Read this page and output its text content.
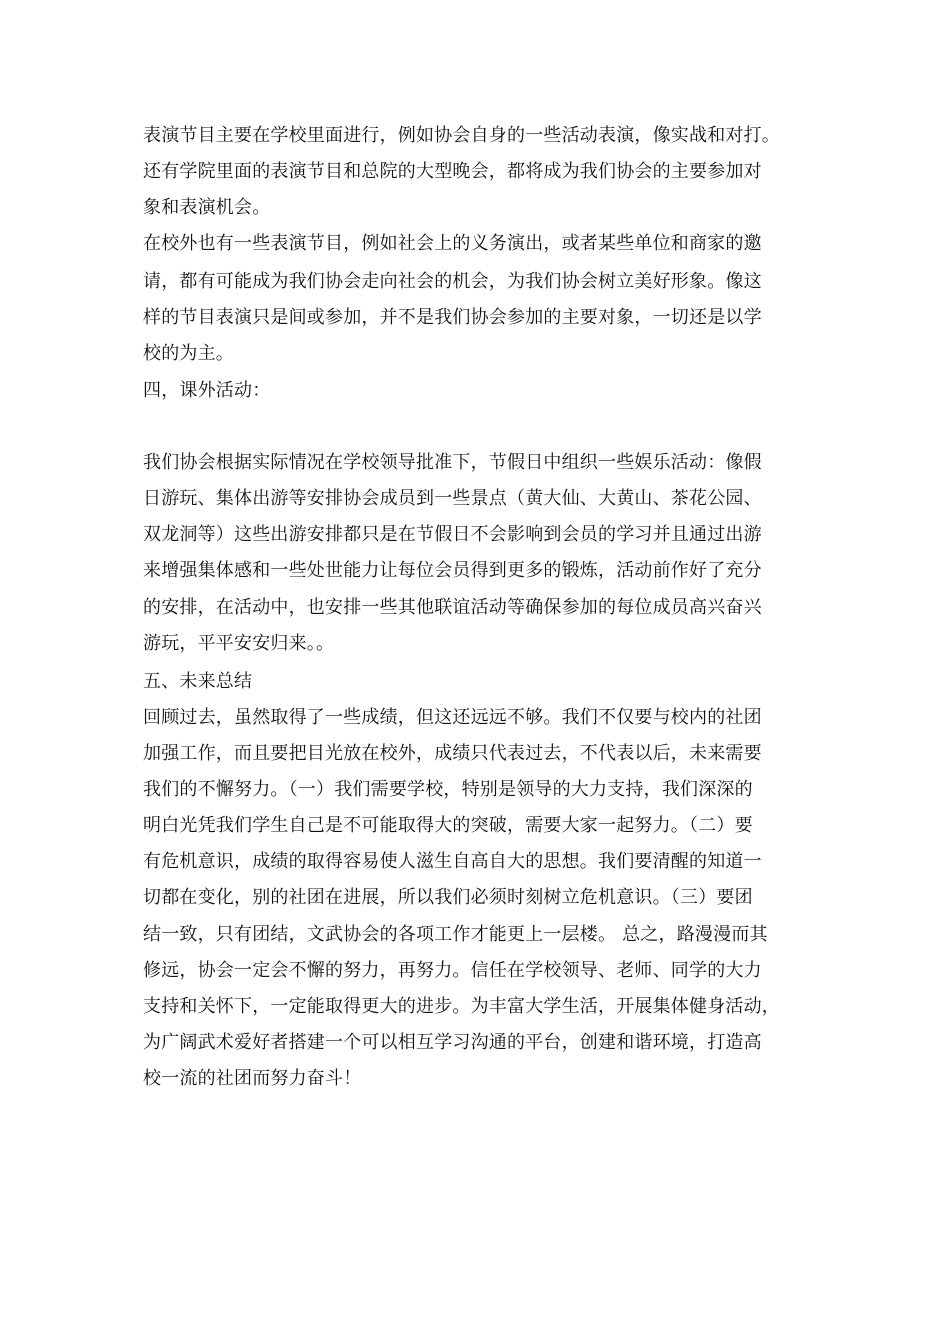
表演节目主要在学校里面进行，例如协会自身的一些活动表演，像实战和对打。
还有学院里面的表演节目和总院的大型晚会，都将成为我们协会的主要参加对
象和表演机会。
在校外也有一些表演节目，例如社会上的义务演出，或者某些单位和商家的邀
请，都有可能成为我们协会走向社会的机会，为我们协会树立美好形象。像这
样的节目表演只是间或参加，并不是我们协会参加的主要对象，一切还是以学
校的为主。
四，课外活动：
我们协会根据实际情况在学校领导批准下，节假日中组织一些娱乐活动：像假
日游玩、集体出游等安排协会成员到一些景点（黄大仙、大黄山、茶花公园、
双龙洞等）这些出游安排都只是在节假日不会影响到会员的学习并且通过出游
来增强集体感和一些处世能力让每位会员得到更多的锻炼，活动前作好了充分
的安排，在活动中，也安排一些其他联谊活动等确保参加的每位成员高兴奋兴
游玩，平平安安归来。。
五、未来总结
回顾过去，虽然取得了一些成绩，但这还远远不够。我们不仅要与校内的社团
加强工作，而且要把目光放在校外，成绩只代表过去，不代表以后，未来需要
我们的不懈努力。（一）我们需要学校，特别是领导的大力支持，我们深深的
明白光凭我们学生自己是不可能取得大的突破，需要大家一起努力。（二）要
有危机意识，成绩的取得容易使人滋生自高自大的思想。我们要清醒的知道一
切都在变化，别的社团在进展，所以我们必须时刻树立危机意识。（三）要团
结一致，只有团结，文武协会的各项工作才能更上一层楼。 总之，路漫漫而其
修远，协会一定会不懈的努力，再努力。信任在学校领导、老师、同学的大力
支持和关怀下，一定能取得更大的进步。为丰富大学生活，开展集体健身活动，
为广阔武术爱好者搭建一个可以相互学习沟通的平台，创建和谐环境，打造高
校一流的社团而努力奋斗！
